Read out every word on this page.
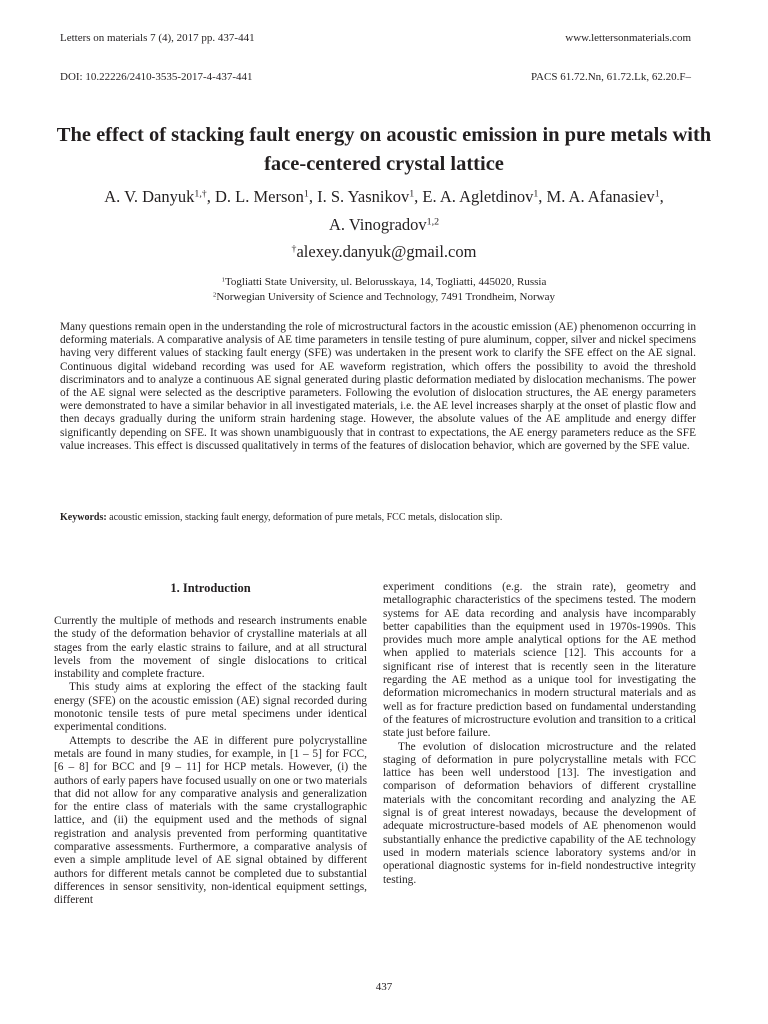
Letters on materials 7 (4), 2017 pp. 437-441	www.lettersonmaterials.com
DOI: 10.22226/2410-3535-2017-4-437-441	PACS 61.72.Nn, 61.72.Lk, 62.20.F–
The effect of stacking fault energy on acoustic emission in pure metals with face-centered crystal lattice
A. V. Danyuk$^{1,\dagger}$, D. L. Merson$^1$, I. S. Yasnikov$^1$, E. A. Agletdinov$^1$, M. A. Afanasiev$^1$,
A. Vinogradov$^{1,2}$
†alexey.danyuk@gmail.com
$^1$Togliatti State University, ul. Belorusskaya, 14, Togliatti, 445020, Russia
$^2$Norwegian University of Science and Technology, 7491 Trondheim, Norway

Many questions remain open in the understanding the role of microstructural factors in the acoustic emission (AE) phenomenon occurring in deforming materials. A comparative analysis of AE time parameters in tensile testing of pure aluminum, copper, silver and nickel specimens having very different values of stacking fault energy (SFE) was undertaken in the present work to clarify the SFE effect on the AE signal. Continuous digital wideband recording was used for AE waveform registration, which offers the possibility to avoid the threshold discriminators and to analyze a continuous AE signal generated during plastic deformation mediated by dislocation mechanisms. The power of the AE signal were selected as the descriptive parameters. Following the evolution of dislocation structures, the AE energy parameters were demonstrated to have a similar behavior in all investigated materials, i.e. the AE level increases sharply at the onset of plastic flow and then decays gradually during the uniform strain hardening stage. However, the absolute values of the AE amplitude and energy differ significantly depending on SFE. It was shown unambiguously that in contrast to expectations, the AE energy parameters reduce as the SFE value increases. This effect is discussed qualitatively in terms of the features of dislocation behavior, which are governed by the SFE value.

Keywords: acoustic emission, stacking fault energy, deformation of pure metals, FCC metals, dislocation slip.

1. Introduction

Currently the multiple of methods and research instruments enable the study of the deformation behavior of crystalline materials at all stages from the early elastic strains to failure, and at all structural levels from the movement of single dislocations to critical instability and complete fracture.

This study aims at exploring the effect of the stacking fault energy (SFE) on the acoustic emission (AE) signal recorded during monotonic tensile tests of pure metal specimens under identical experimental conditions.

Attempts to describe the AE in different pure polycrystalline metals are found in many studies, for example, in [1 – 5] for FCC, [6 – 8] for BCC and [9 – 11] for HCP metals. However, (i) the authors of early papers have focused usually on one or two materials that did not allow for any comparative analysis and generalization for the entire class of materials with the same crystallographic lattice, and (ii) the equipment used and the methods of signal registration and analysis prevented from performing quantitative comparative assessments. Furthermore, a comparative analysis of even a simple amplitude level of AE signal obtained by different authors for different metals cannot be completed due to substantial differences in sensor sensitivity, non-identical equipment settings, different

experiment conditions (e.g. the strain rate), geometry and metallographic characteristics of the specimens tested. The modern systems for AE data recording and analysis have incomparably better capabilities than the equipment used in 1970s-1990s. This provides much more ample analytical options for the AE method when applied to materials science [12]. This accounts for a significant rise of interest that is recently seen in the literature regarding the AE method as a unique tool for investigating the deformation micromechanics in modern structural materials and as well as for fracture prediction based on fundamental understanding of the features of microstructure evolution and transition to a critical state just before failure.

The evolution of dislocation microstructure and the related staging of deformation in pure polycrystalline metals with FCC lattice has been well understood [13]. The investigation and comparison of deformation behaviors of different crystalline materials with the concomitant recording and analyzing the AE signal is of great interest nowadays, because the development of adequate microstructure-based models of AE phenomenon would substantially enhance the predictive capability of the AE technology used in modern materials science laboratory systems and/or in operational diagnostic systems for in-field nondestructive integrity testing.

437
